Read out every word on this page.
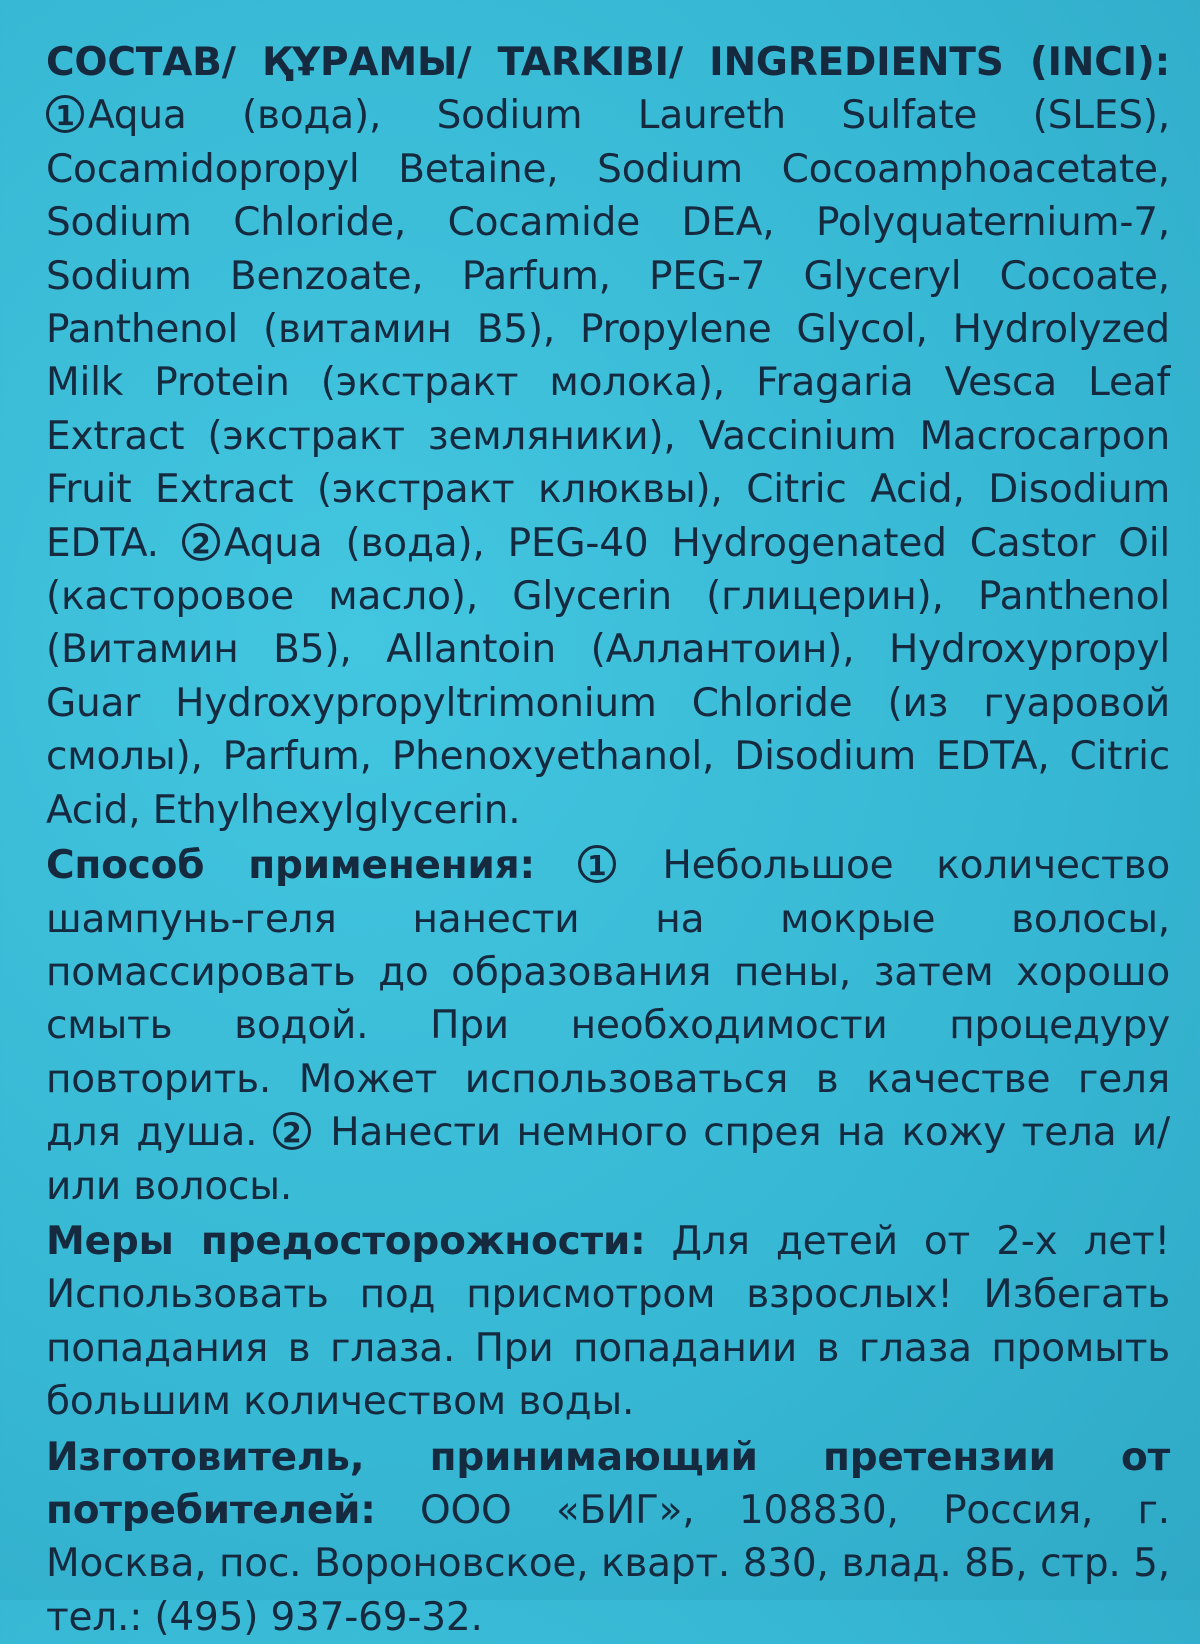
СОСТАВ/ ҚҰРАМЫ/ TARKIBI/ INGREDIENTS (INCI): 1 Aqua (вода), Sodium Laureth Sulfate (SLES), Cocamidopropyl Betaine, Sodium Cocoamphoacetate, Sodium Chloride, Cocamide DEA, Polyquaternium-7, Sodium Benzoate, Parfum, PEG-7 Glyceryl Cocoate, Panthenol (витамин B5), Propylene Glycol, Hydrolyzed Milk Protein (экстракт молока), Fragaria Vesca Leaf Extract (экстракт земляники), Vaccinium Macrocarpon Fruit Extract (экстракт клюквы), Citric Acid, Disodium EDTA. 2 Aqua (вода), PEG-40 Hydrogenated Castor Oil (касторовое масло), Glycerin (глицерин), Panthenol (Витамин B5), Allantoin (Аллантоин), Hydroxypropyl Guar Hydroxypropyltrimonium Chloride (из гуаровой смолы), Parfum, Phenoxyethanol, Disodium EDTA, Citric Acid, Ethylhexylglycerin.

Способ применения: 1 Небольшое количество шампунь-геля нанести на мокрые волосы, помассировать до образования пены, затем хорошо смыть водой. При необходимости процедуру повторить. Может использоваться в качестве геля для душа. 2 Нанести немного спрея на кожу тела и/или волосы.

Меры предосторожности: Для детей от 2-х лет! Использовать под присмотром взрослых! Избегать попадания в глаза. При попадании в глаза промыть большим количеством воды.

Изготовитель, принимающий претензии от потребителей: ООО «БИГ», 108830, Россия, г. Москва, пос. Вороновское, кварт. 830, влад. 8Б, стр. 5, тел.: (495) 937-69-32.
